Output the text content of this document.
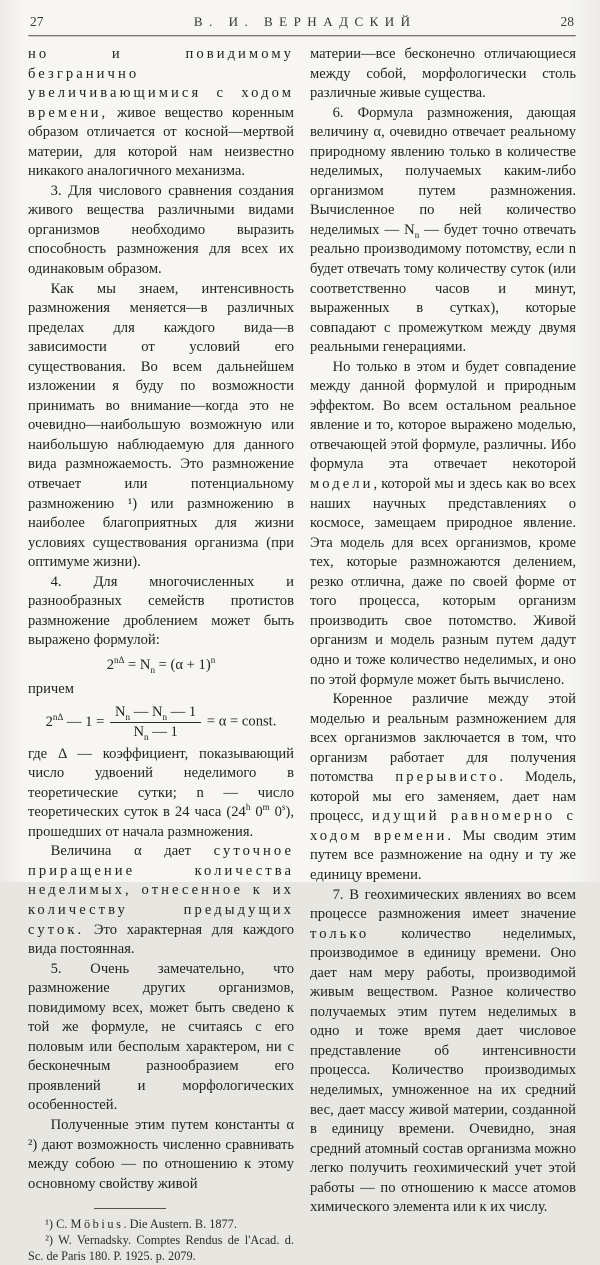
27	В. И. ВЕРНАДСКИЙ	28

но и повидимому безгранично увеличивающимися с ходом времени, живое вещество коренным образом отличается от косной—мертвой материи, для которой нам неизвестно никакого аналогичного механизма.

3. Для числового сравнения создания живого вещества различными видами организмов необходимо выразить способность размножения для всех их одинаковым образом.

Как мы знаем, интенсивность размножения меняется—в различных пределах для каждого вида—в зависимости от условий его существования. Во всем дальнейшем изложении я буду по возможности принимать во внимание—когда это не очевидно—наибольшую возможную или наибольшую наблюдаемую для данного вида размножаемость. Это размножение отвечает или потенциальному размножению ¹) или размножению в наиболее благоприятных для жизни условиях существования организма (при оптимуме жизни).

4. Для многочисленных и разнообразных семейств протистов размножение дроблением может быть выражено формулой:

$2^{n\Delta} = N_n = (\alpha + 1)^n$

причем

$2^{n\Delta}$ — $1 = \frac{N_n — N_n — 1}{N_n — 1} = \alpha$ = const.

где Δ — коэффициент, показывающий число удвоений неделимого в теоретические сутки; n — число теоретических суток в 24 часа (24$^h$ 0$^m$ 0$^s$), прошедших от начала размножения.

Величина α дает суточное приращение количества неделимых, отнесенное к их количеству предыдущих суток. Это характерная для каждого вида постоянная.

5. Очень замечательно, что размножение других организмов, повидимому всех, может быть сведено к той же формуле, не считаясь с его половым или бесполым характером, ни с бесконечным разнообразием его проявлений и морфологических особенностей.

Полученные этим путем константы α ²) дают возможность численно сравнивать между собою — по отношению к этому основному свойству живой

¹) C. Möbius. Die Austern. B. 1877.

²) W. Vernadsky. Comptes Rendus de l'Acad. d. Sc. de Paris 180. P. 1925. p. 2079.

материи—все бесконечно отличающиеся между собой, морфологически столь различные живые существа.

6. Формула размножения, дающая величину α, очевидно отвечает реальному природному явлению только в количестве неделимых, получаемых каким-либо организмом путем размножения. Вычисленное по ней количество неделимых — $N_n$ — будет точно отвечать реально производимому потомству, если n будет отвечать тому количеству суток (или соответственно часов и минут, выраженных в сутках), которые совпадают с промежутком между двумя реальными генерациями.

Но только в этом и будет совпадение между данной формулой и природным эффектом. Во всем остальном реальное явление и то, которое выражено моделью, отвечающей этой формуле, различны. Ибо формула эта отвечает некоторой модели, которой мы и здесь как во всех наших научных представлениях о космосе, замещаем природное явление. Эта модель для всех организмов, кроме тех, которые размножаются делением, резко отлична, даже по своей форме от того процесса, которым организм производить свое потомство. Живой организм и модель разным путем дадут одно и тоже количество неделимых, и оно по этой формуле может быть вычислено.

Коренное различие между этой моделью и реальным размножением для всех организмов заключается в том, что организм работает для получения потомства прерывисто. Модель, которой мы его заменяем, дает нам процесс, идущий равномерно с ходом времени. Мы сводим этим путем все размножение на одну и ту же единицу времени.

7. В геохимических явлениях во всем процессе размножения имеет значение только количество неделимых, производимое в единицу времени. Оно дает нам меру работы, производимой живым веществом. Разное количество получаемых этим путем неделимых в одно и тоже время дает числовое представление об интенсивности процесса. Количество производимых неделимых, умноженное на их средний вес, дает массу живой материи, созданной в единицу времени. Очевидно, зная средний атомный состав организма можно легко получить геохимический учет этой работы — по отношению к массе атомов химического элемента или к их числу.
